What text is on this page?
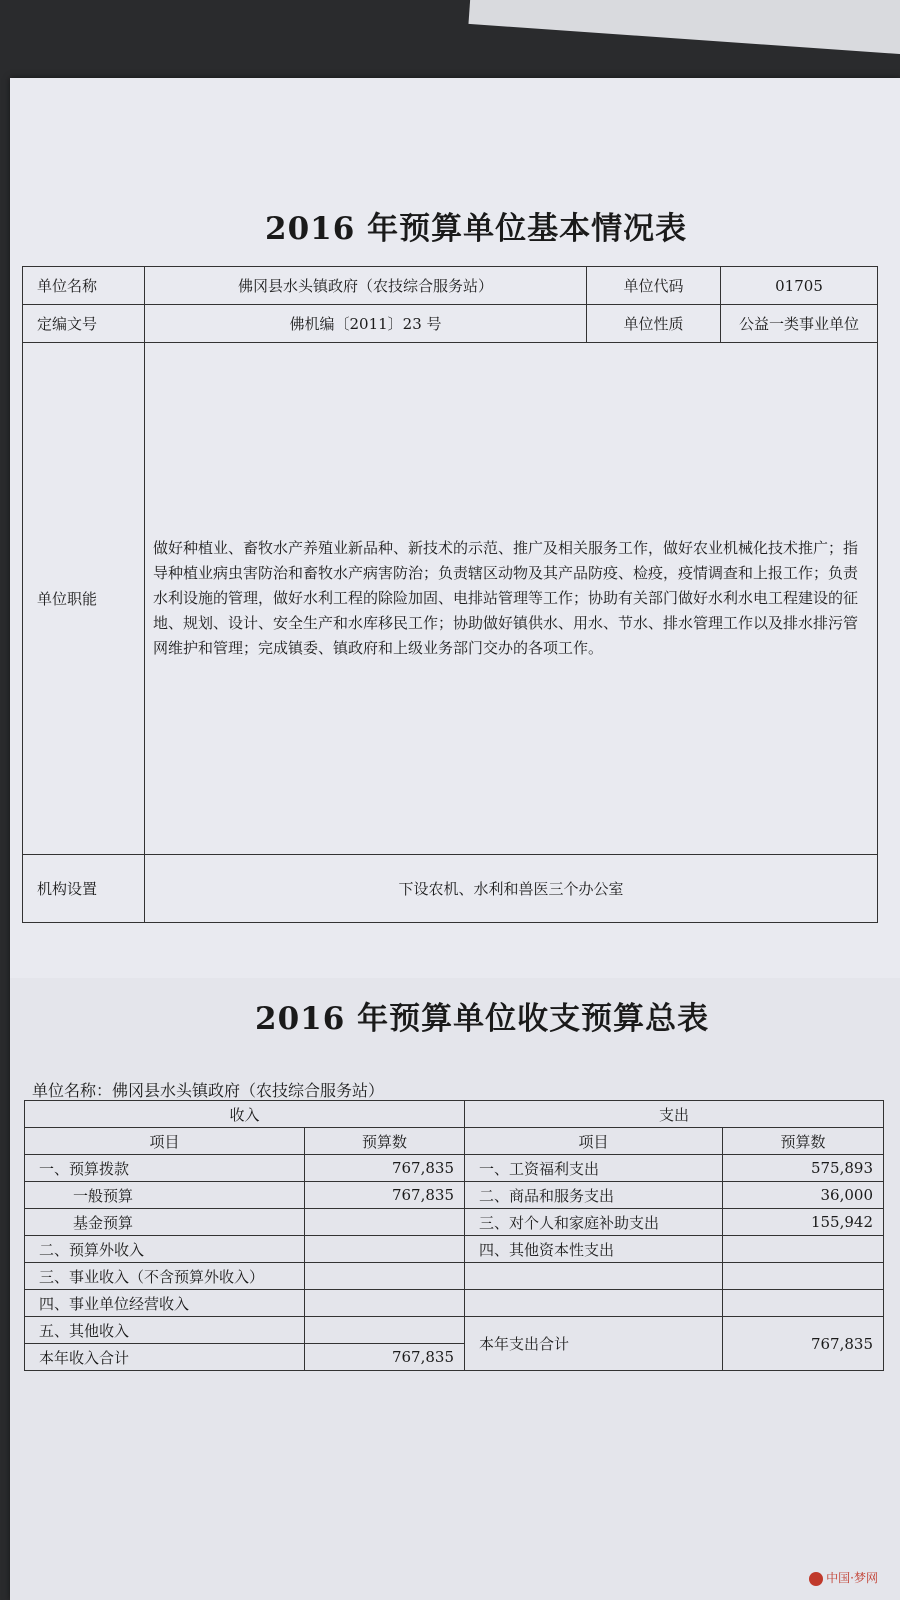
2016 年预算单位基本情况表
单位名称	佛冈县水头镇政府（农技综合服务站）	单位代码	01705
定编文号	佛机编〔2011〕23 号	单位性质	公益一类事业单位
单位职能	做好种植业、畜牧水产养殖业新品种、新技术的示范、推广及相关服务工作，做好农业机械化技术推广；指导种植业病虫害防治和畜牧水产病害防治；负责辖区动物及其产品防疫、检疫，疫情调查和上报工作；负责水利设施的管理，做好水利工程的除险加固、电排站管理等工作；协助有关部门做好水利水电工程建设的征地、规划、设计、安全生产和水库移民工作；协助做好镇供水、用水、节水、排水管理工作以及排水排污管网维护和管理；完成镇委、镇政府和上级业务部门交办的各项工作。		
机构设置	下设农机、水利和兽医三个办公室		
2016 年预算单位收支预算总表
单位名称：佛冈县水头镇政府（农技综合服务站）
收入		支出	
项目	预算数	项目	预算数
一、预算拨款	767,835	一、工资福利支出	575,893
一般预算	767,835	二、商品和服务支出	36,000
基金预算		三、对个人和家庭补助支出	155,942
二、预算外收入		四、其他资本性支出	
三、事业收入（不含预算外收入）			
四、事业单位经营收入			
五、其他收入		本年支出合计	767,835
本年收入合计	767,835		
中国·梦网
